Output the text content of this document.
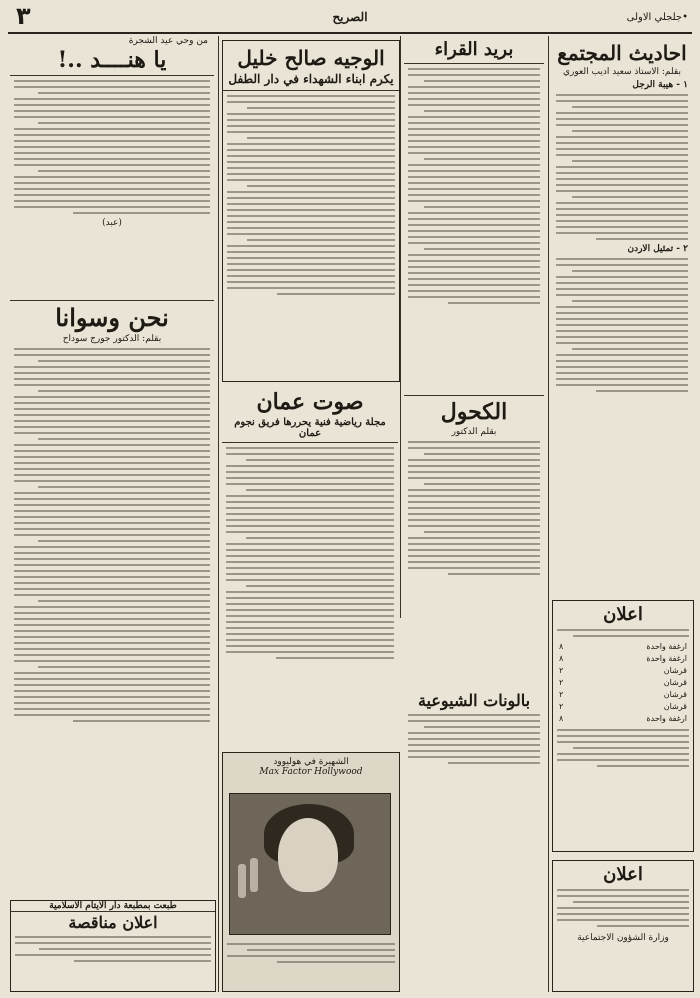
•جلجلي الاولى
الصريح
٣
احاديث المجتمع
بقلم: الاستاذ سعيد اديب العوري
١ - هيبة الرجل
٢ - تمثيل الاردن
اعلان
ارغفة واحدة
٨
ارغفة واحدة
٨
قرشان
٢
قرشان
٢
قرشان
٢
قرشان
٢
ارغفة واحدة
٨
اعلان
وزارة الشؤون الاجتماعية
بريد القراء
الكحول
بقلم الدكتور
بالونات الشيوعية
الوجيه صالح خليل
يكرم ابناء الشهداء في دار الطفل
صوت عمان
مجلة رياضية فنية يحررها فريق نجوم عمان
الشهيرة في هوليوود
Max Factor Hollywood
من وحي عيد الشجرة
يا هنــــد ..!
(عبد)
نحن وسوانا
بقلم: الدكتور جورج سوداح
طبعت بمطبعة دار الايتام الاسلامية
اعلان مناقصة
